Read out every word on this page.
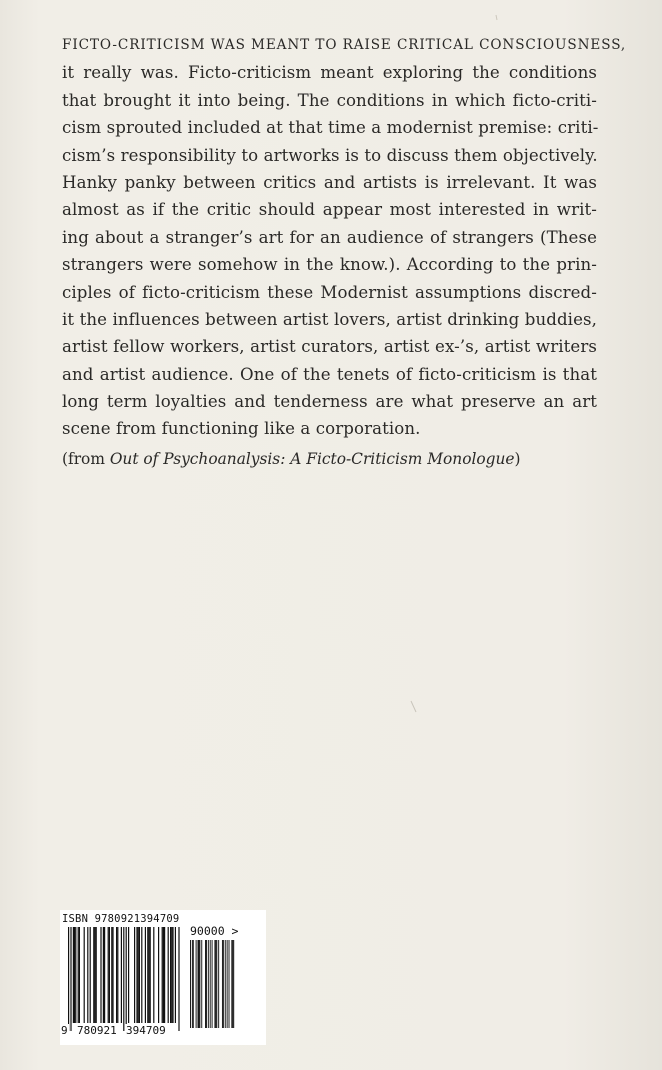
FICTO-CRITICISM WAS MEANT TO RAISE CRITICAL CONSCIOUSNESS,
it really was. Ficto-criticism meant exploring the conditions
that brought it into being. The conditions in which ficto-criti-
cism sprouted included at that time a modernist premise: criti-
cism’s responsibility to artworks is to discuss them objectively.
Hanky panky between critics and artists is irrelevant. It was
almost as if the critic should appear most interested in writ-
ing about a stranger’s art for an audience of strangers (These
strangers were somehow in the know.). According to the prin-
ciples of ficto-criticism these Modernist assumptions discred-
it the influences between artist lovers, artist drinking buddies,
artist fellow workers, artist curators, artist ex-’s, artist writers
and artist audience. One of the tenets of ficto-criticism is that
long term loyalties and tenderness are what preserve an art
scene from functioning like a corporation.
(from Out of Psychoanalysis: A Ficto-Criticism Monologue)
ISBN 9780921394709
90000 >
9 780921 394709
